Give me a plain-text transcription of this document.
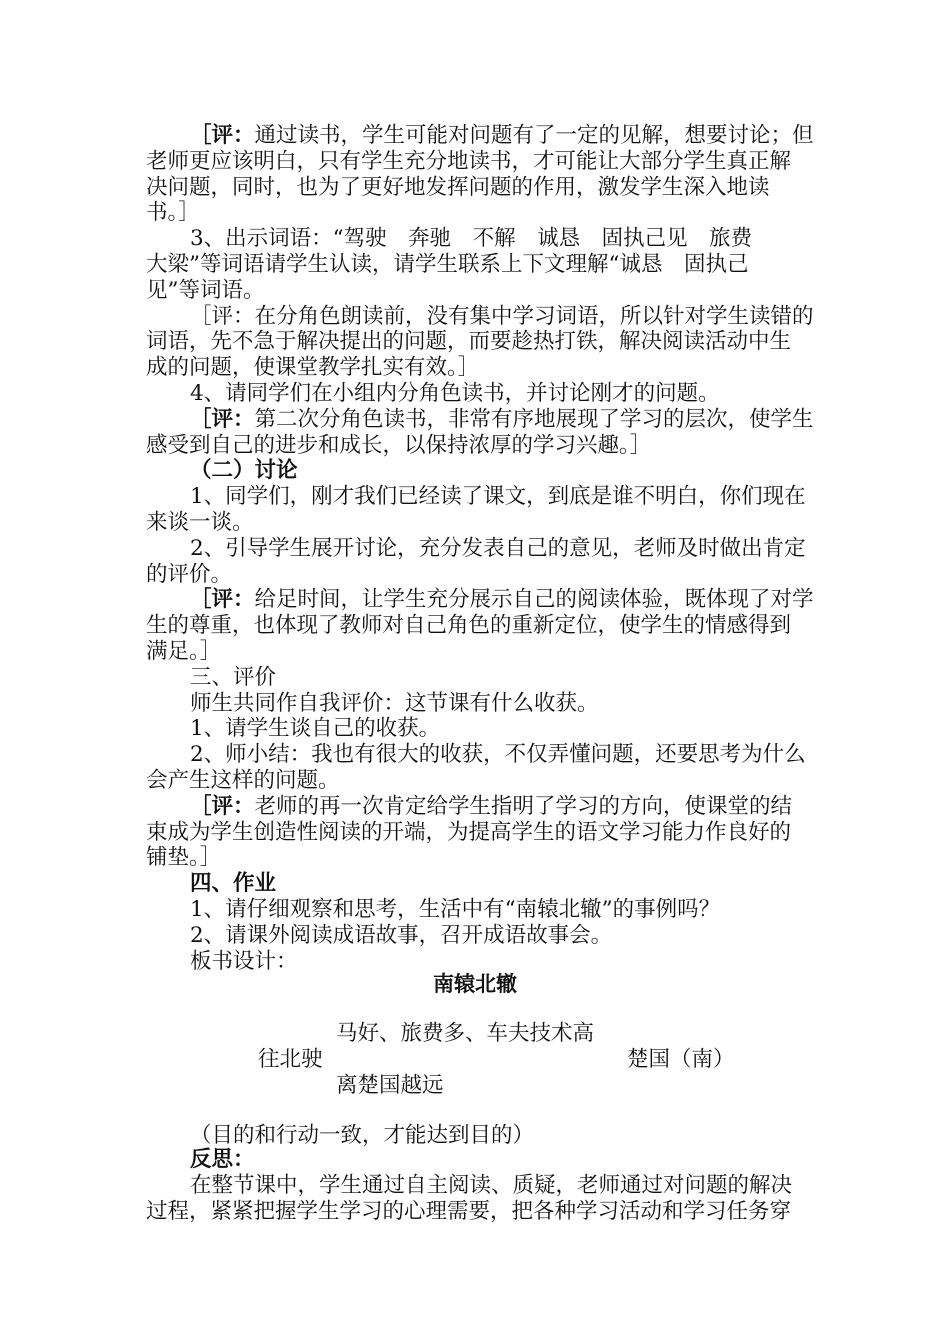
［评：通过读书，学生可能对问题有了一定的见解，想要讨论；但
老师更应该明白，只有学生充分地读书，才可能让大部分学生真正解
决问题，同时，也为了更好地发挥问题的作用，激发学生深入地读
书。］
3、出示词语：“驾驶　奔驰　不解　诚恳　固执己见　旅费
大梁”等词语请学生认读，请学生联系上下文理解“诚恳　固执己
见”等词语。
［评：在分角色朗读前，没有集中学习词语，所以针对学生读错的
词语，先不急于解决提出的问题，而要趁热打铁，解决阅读活动中生
成的问题，使课堂教学扎实有效。］
4、请同学们在小组内分角色读书，并讨论刚才的问题。
［评：第二次分角色读书，非常有序地展现了学习的层次，使学生
感受到自己的进步和成长，以保持浓厚的学习兴趣。］
（二）讨论
1、同学们，刚才我们已经读了课文，到底是谁不明白，你们现在
来谈一谈。
2、引导学生展开讨论，充分发表自己的意见，老师及时做出肯定
的评价。
［评：给足时间，让学生充分展示自己的阅读体验，既体现了对学
生的尊重，也体现了教师对自己角色的重新定位，使学生的情感得到
满足。］
三、评价
师生共同作自我评价：这节课有什么收获。
1、请学生谈自己的收获。
2、师小结：我也有很大的收获，不仅弄懂问题，还要思考为什么
会产生这样的问题。
［评：老师的再一次肯定给学生指明了学习的方向，使课堂的结
束成为学生创造性阅读的开端，为提高学生的语文学习能力作良好的
铺垫。］
四、作业
1、请仔细观察和思考，生活中有“南辕北辙”的事例吗？
2、请课外阅读成语故事，召开成语故事会。
板书设计：
南辕北辙
马好、旅费多、车夫技术高
往北驶	楚国（南）
离楚国越远
（目的和行动一致，才能达到目的）
反思：
在整节课中，学生通过自主阅读、质疑，老师通过对问题的解决
过程，紧紧把握学生学习的心理需要，把各种学习活动和学习任务穿
